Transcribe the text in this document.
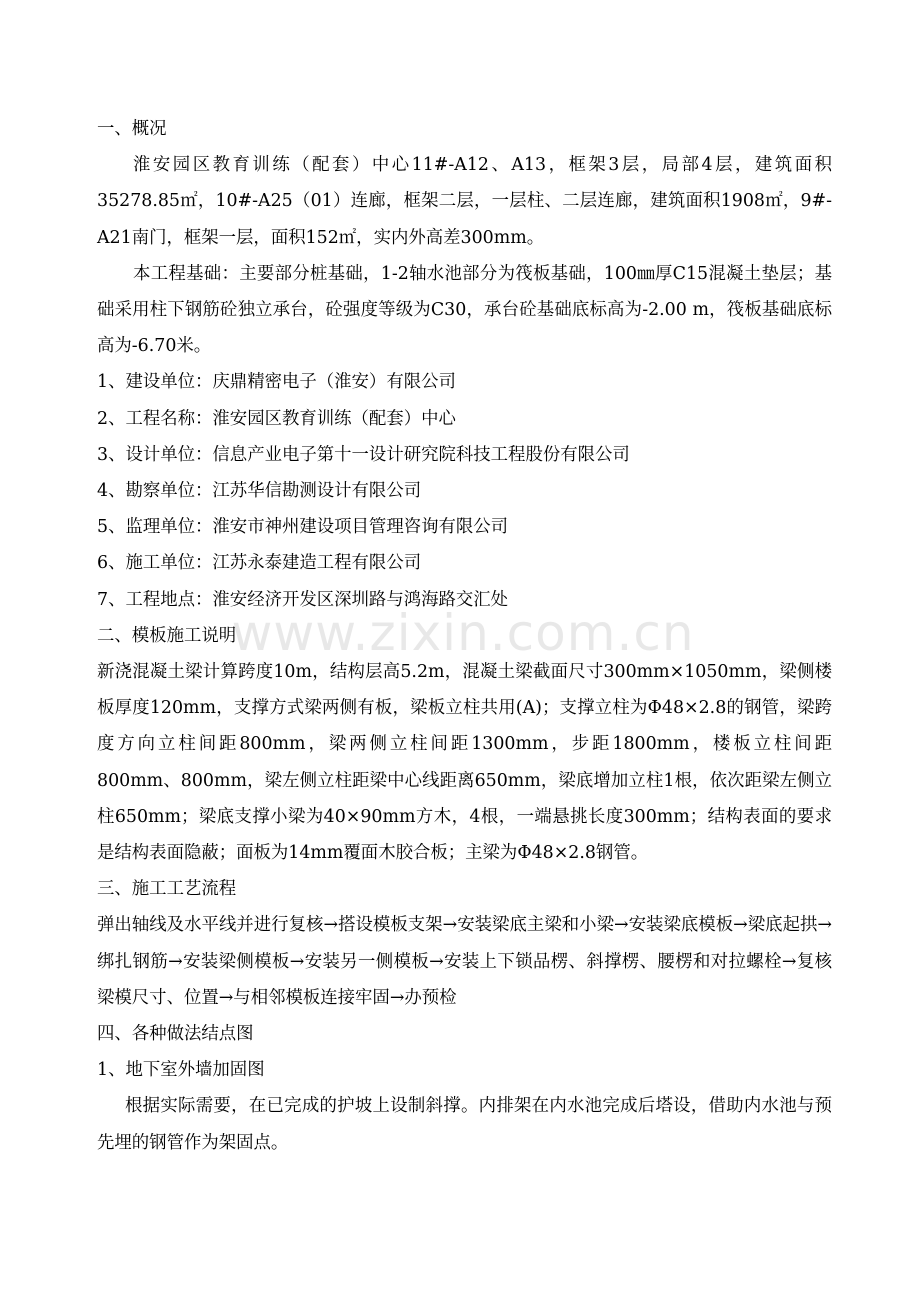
一、概况

淮安园区教育训练（配套）中心11#-A12、A13，框架3层，局部4层，建筑面积35278.85㎡，10#-A25（01）连廊，框架二层，一层柱、二层连廊，建筑面积1908㎡，9#-A21南门，框架一层，面积152㎡，实内外高差300mm。

本工程基础：主要部分桩基础，1-2轴水池部分为筏板基础，100㎜厚C15混凝土垫层；基础采用柱下钢筋砼独立承台，砼强度等级为C30，承台砼基础底标高为-2.00 m，筏板基础底标高为-6.70米。

1、建设单位：庆鼎精密电子（淮安）有限公司

2、工程名称：淮安园区教育训练（配套）中心

3、设计单位：信息产业电子第十一设计研究院科技工程股份有限公司

4、勘察单位：江苏华信勘测设计有限公司

5、监理单位：淮安市神州建设项目管理咨询有限公司

6、施工单位：江苏永泰建造工程有限公司

7、工程地点：淮安经济开发区深圳路与鸿海路交汇处

二、模板施工说明

新浇混凝土梁计算跨度10m，结构层高5.2m，混凝土梁截面尺寸300mm×1050mm，梁侧楼板厚度120mm，支撑方式梁两侧有板，梁板立柱共用(A)；支撑立柱为Φ48×2.8的钢管，梁跨度方向立柱间距800mm，梁两侧立柱间距1300mm，步距1800mm，楼板立柱间距800mm、800mm，梁左侧立柱距梁中心线距离650mm，梁底增加立柱1根，依次距梁左侧立柱650mm；梁底支撑小梁为40×90mm方木，4根，一端悬挑长度300mm；结构表面的要求是结构表面隐蔽；面板为14mm覆面木胶合板；主梁为Φ48×2.8钢管。

三、施工工艺流程

弹出轴线及水平线并进行复核→搭设模板支架→安装梁底主梁和小梁→安装梁底模板→梁底起拱→绑扎钢筋→安装梁侧模板→安装另一侧模板→安装上下锁品楞、斜撑楞、腰楞和对拉螺栓→复核梁模尺寸、位置→与相邻模板连接牢固→办预检

四、各种做法结点图

1、地下室外墙加固图

根据实际需要，在已完成的护坡上设制斜撑。内排架在内水池完成后塔设，借助内水池与预先埋的钢管作为架固点。

www.zixin.com.cn
